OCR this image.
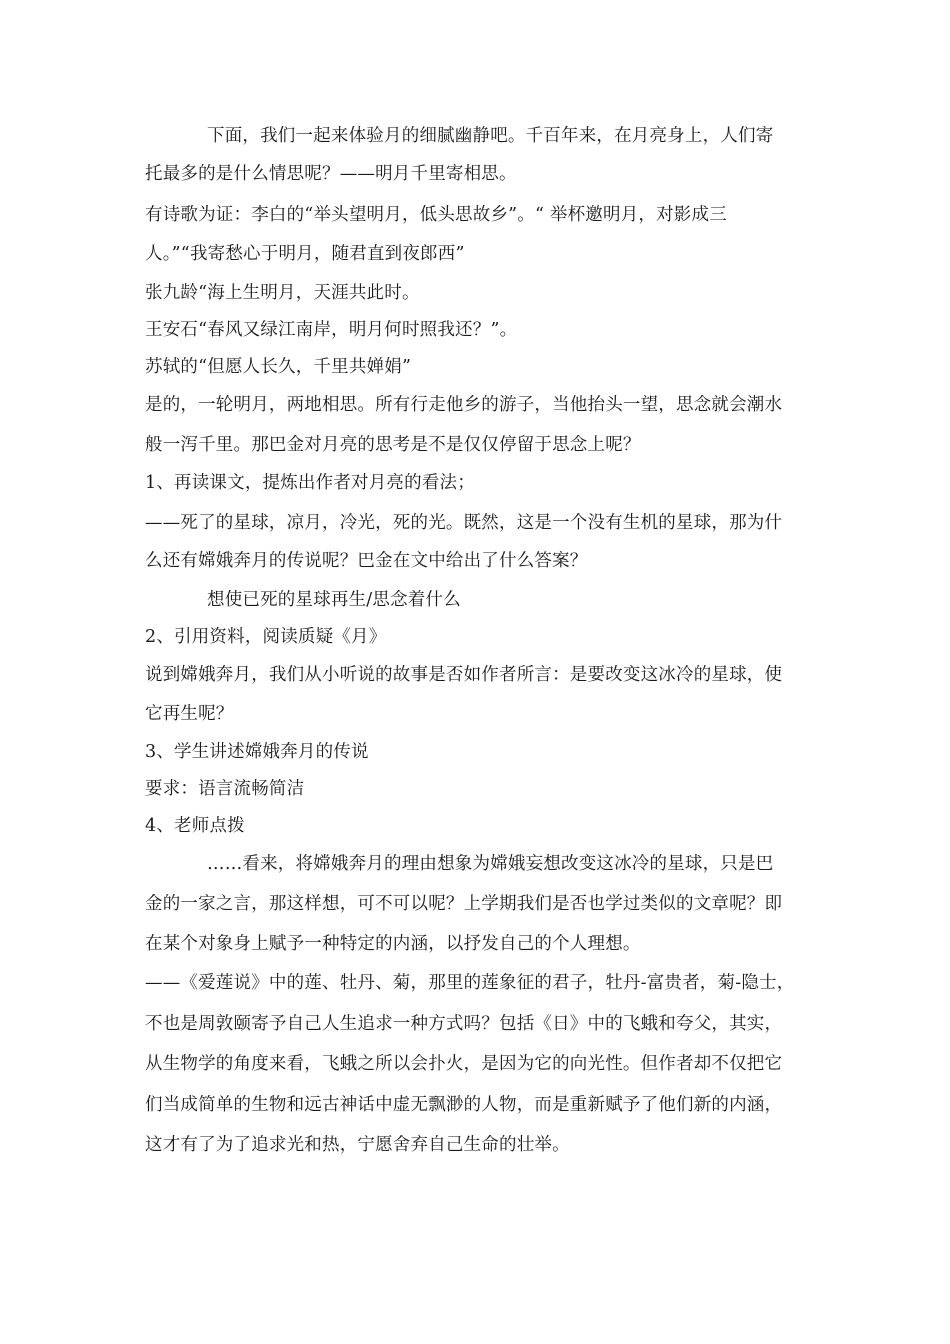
下面，我们一起来体验月的细腻幽静吧。千百年来，在月亮身上，人们寄

托最多的是什么情思呢？——明月千里寄相思。

有诗歌为证：李白的“举头望明月，低头思故乡”。“ 举杯邀明月，对影成三

人。”“我寄愁心于明月，随君直到夜郎西”

张九龄“海上生明月，天涯共此时。

王安石“春风又绿江南岸，明月何时照我还？”。

苏轼的“但愿人长久，千里共婵娟”

是的，一轮明月，两地相思。所有行走他乡的游子，当他抬头一望，思念就会潮水

般一泻千里。那巴金对月亮的思考是不是仅仅停留于思念上呢？

1、再读课文，提炼出作者对月亮的看法；

——死了的星球，凉月，冷光，死的光。既然，这是一个没有生机的星球，那为什

么还有嫦娥奔月的传说呢？巴金在文中给出了什么答案？

想使已死的星球再生/思念着什么

2、引用资料，阅读质疑《月》

说到嫦娥奔月，我们从小听说的故事是否如作者所言：是要改变这冰冷的星球，使

它再生呢？

3、学生讲述嫦娥奔月的传说

要求：语言流畅简洁

4、老师点拨

……看来，将嫦娥奔月的理由想象为嫦娥妄想改变这冰冷的星球，只是巴

金的一家之言，那这样想，可不可以呢？上学期我们是否也学过类似的文章呢？即

在某个对象身上赋予一种特定的内涵，以抒发自己的个人理想。

——《爱莲说》中的莲、牡丹、菊，那里的莲象征的君子，牡丹-富贵者，菊-隐士，

不也是周敦颐寄予自己人生追求一种方式吗？包括《日》中的飞蛾和夸父，其实，

从生物学的角度来看，飞蛾之所以会扑火，是因为它的向光性。但作者却不仅把它

们当成简单的生物和远古神话中虚无飘渺的人物，而是重新赋予了他们新的内涵，

这才有了为了追求光和热，宁愿舍弃自己生命的壮举。
